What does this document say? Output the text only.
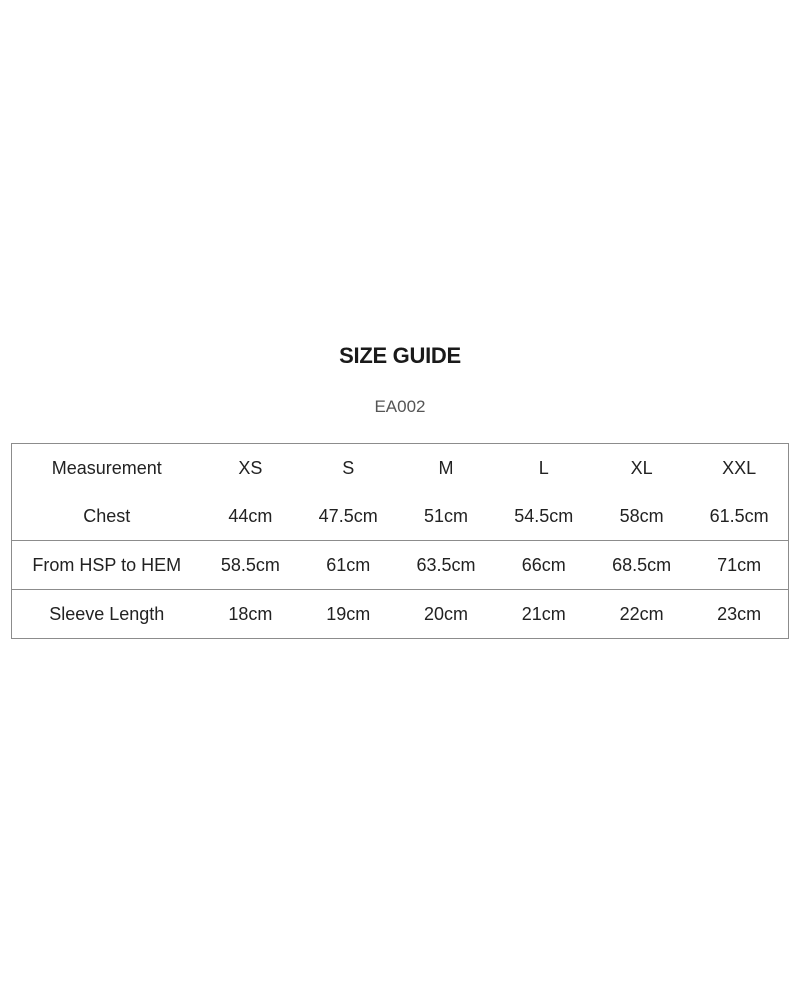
SIZE GUIDE
EA002
Measurement	XS	S	M	L	XL	XXL
Chest	44cm	47.5cm	51cm	54.5cm	58cm	61.5cm
From HSP to HEM	58.5cm	61cm	63.5cm	66cm	68.5cm	71cm
Sleeve Length	18cm	19cm	20cm	21cm	22cm	23cm
